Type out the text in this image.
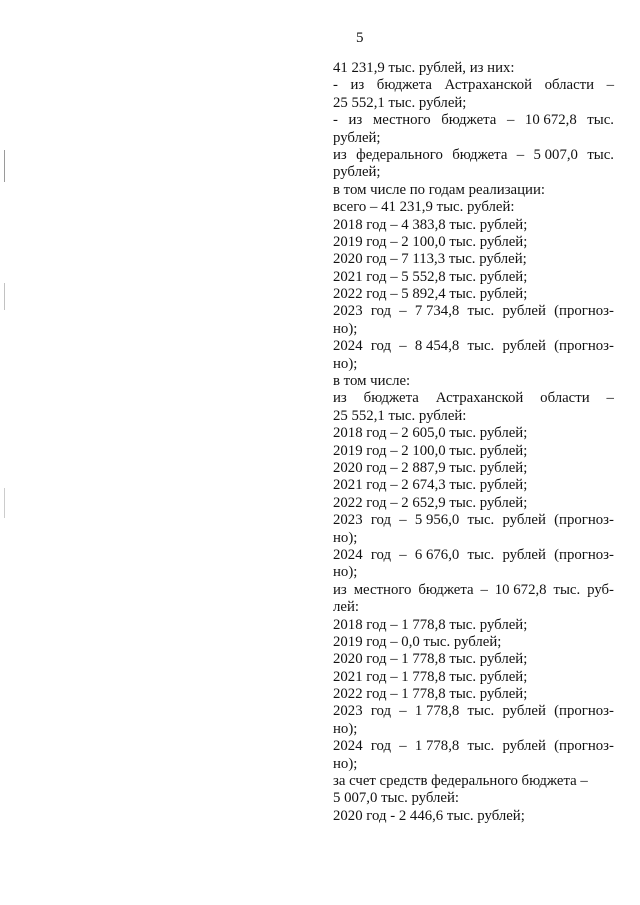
5
41 231,9 тыс. рублей, из них:
- из бюджета Астраханской области –
25 552,1 тыс. рублей;
- из местного бюджета – 10 672,8 тыс.
рублей;
из федерального бюджета – 5 007,0 тыс.
рублей;
в том числе по годам реализации:
всего – 41 231,9 тыс. рублей:
2018 год – 4 383,8 тыс. рублей;
2019 год – 2 100,0 тыс. рублей;
2020 год – 7 113,3 тыс. рублей;
2021 год – 5 552,8 тыс. рублей;
2022 год – 5 892,4 тыс. рублей;
2023 год – 7 734,8 тыс. рублей (прогноз-
но);
2024 год – 8 454,8 тыс. рублей (прогноз-
но);
в том числе:
из бюджета Астраханской области –
25 552,1 тыс. рублей:
2018 год – 2 605,0 тыс. рублей;
2019 год – 2 100,0 тыс. рублей;
2020 год – 2 887,9 тыс. рублей;
2021 год – 2 674,3 тыс. рублей;
2022 год – 2 652,9 тыс. рублей;
2023 год – 5 956,0 тыс. рублей (прогноз-
но);
2024 год – 6 676,0 тыс. рублей (прогноз-
но);
из местного бюджета – 10 672,8 тыс. руб-
лей:
2018 год – 1 778,8 тыс. рублей;
2019 год – 0,0 тыс. рублей;
2020 год – 1 778,8 тыс. рублей;
2021 год – 1 778,8 тыс. рублей;
2022 год – 1 778,8 тыс. рублей;
2023 год – 1 778,8 тыс. рублей (прогноз-
но);
2024 год – 1 778,8 тыс. рублей (прогноз-
но);
за счет средств федерального бюджета –
5 007,0 тыс. рублей:
2020 год - 2 446,6 тыс. рублей;
